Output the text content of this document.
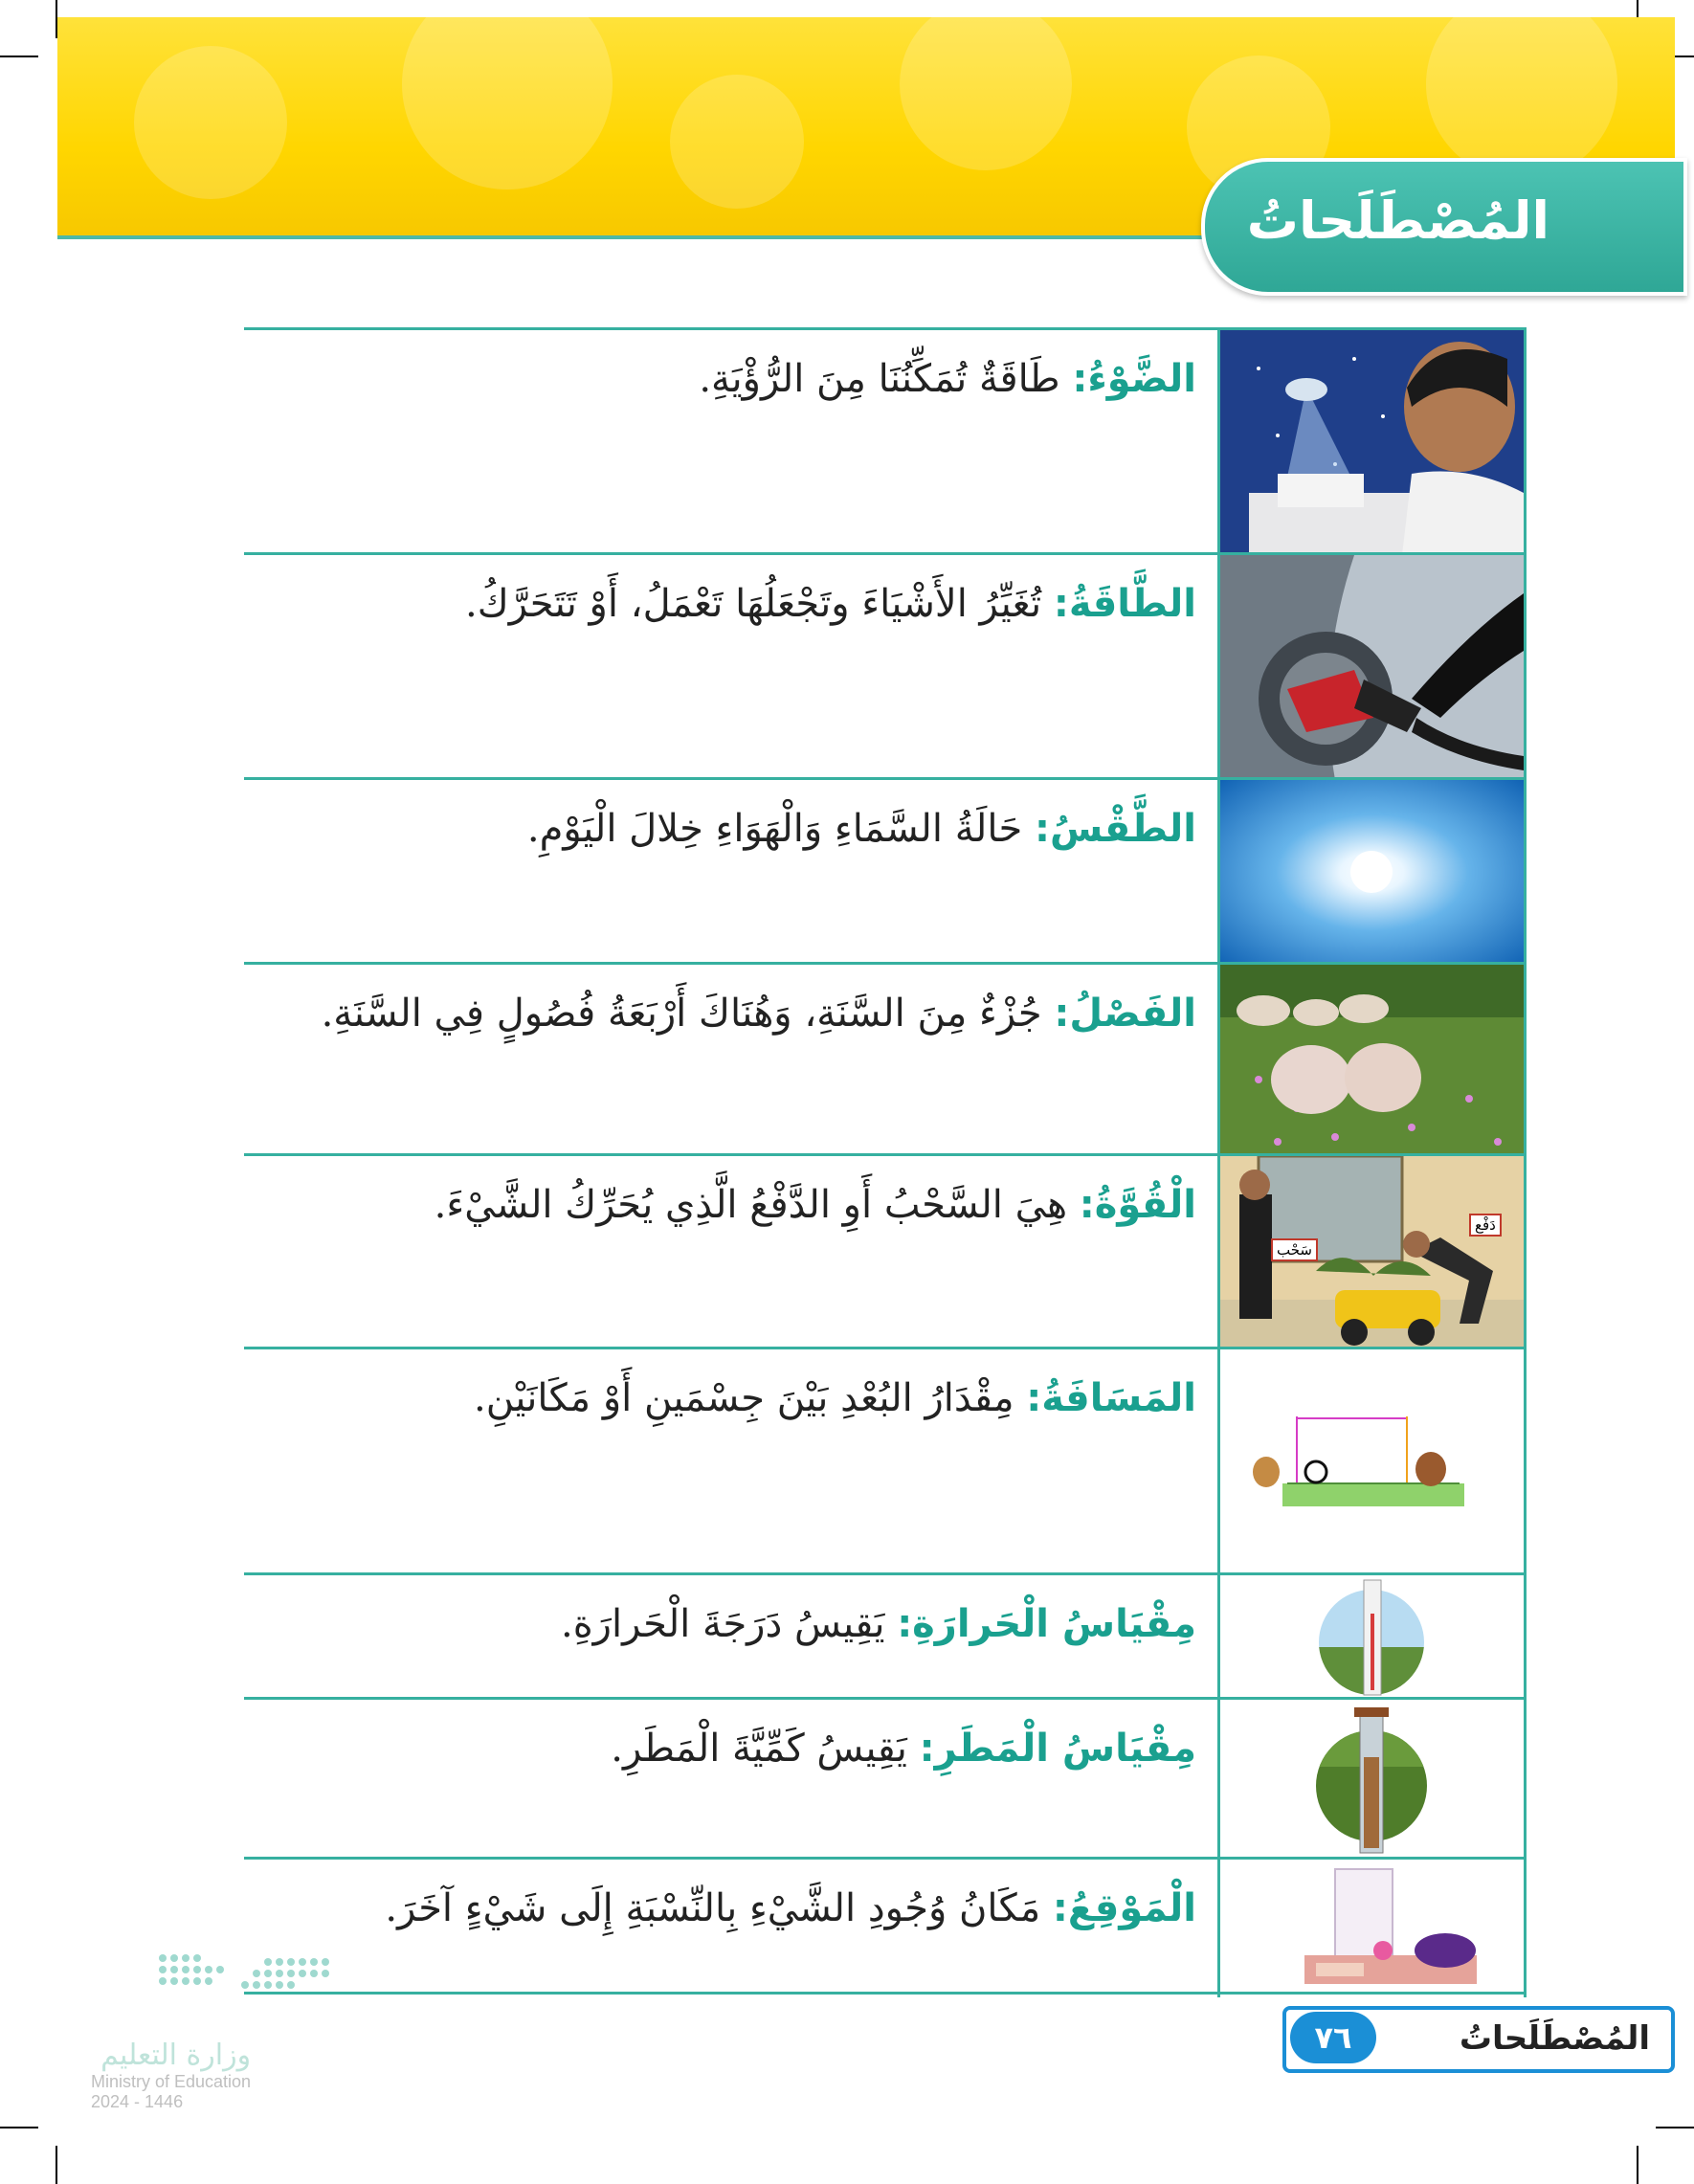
المُصْطَلَحاتُ
الضَّوْءُ: طَاقَةٌ تُمَكِّنُنَا مِنَ الرُّؤْيَةِ.
الطَّاقَةُ: تُغَيِّرُ الأَشْيَاءَ وتَجْعَلُهَا تَعْمَلُ، أَوْ تَتَحَرَّكُ.
الطَّقْسُ: حَالَةُ السَّمَاءِ وَالْهَوَاءِ خِلالَ الْيَوْمِ.
الفَصْلُ: جُزْءٌ مِنَ السَّنَةِ، وَهُنَاكَ أَرْبَعَةُ فُصُولٍ فِي السَّنَةِ.
دَفْع
سَحْب
الْقُوَّةُ: هِيَ السَّحْبُ أَوِ الدَّفْعُ الَّذِي يُحَرِّكُ الشَّيْءَ.
المَسَافَةُ: مِقْدَارُ البُعْدِ بَيْنَ جِسْمَينِ أَوْ مَكَانَيْنِ.
مِقْيَاسُ الْحَرارَةِ: يَقِيسُ دَرَجَةَ الْحَرارَةِ.
مِقْيَاسُ الْمَطَرِ: يَقِيسُ كَمِّيَّةَ الْمَطَرِ.
الْمَوْقِعُ: مَكَانُ وُجُودِ الشَّيْءِ بِالنِّسْبَةِ إِلَى شَيْءٍ آخَرَ.
وزارة التعليم
Ministry of Education
2024 - 1446
المُصْطَلَحاتُ
٧٦
